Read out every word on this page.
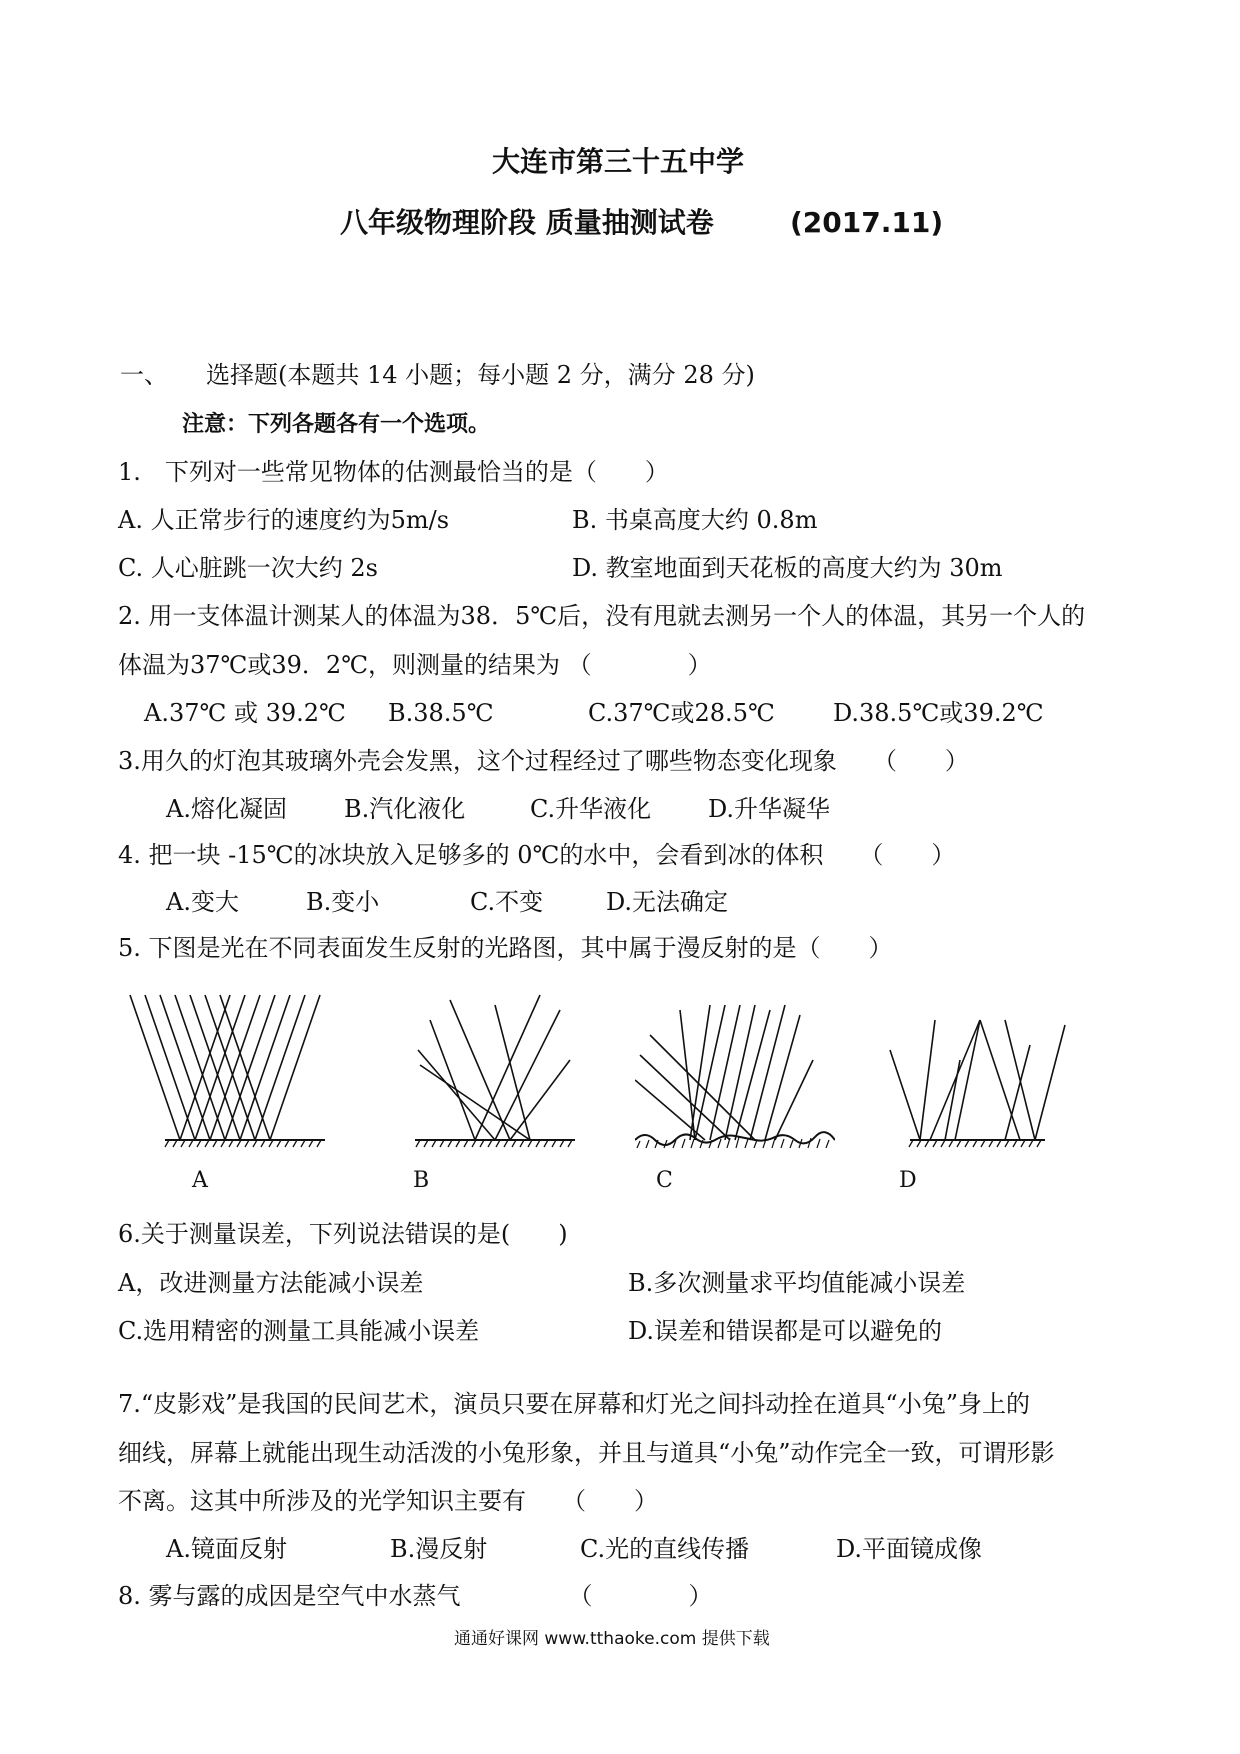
大连市第三十五中学
八年级物理阶段 质量抽测试卷	(2017.11)
一、 选择题(本题共 14 小题；每小题 2 分，满分 28 分)
注意：下列各题各有一个选项。
1.　下列对一些常见物体的估测最恰当的是（　　）
A. 人正常步行的速度约为5m/s	B. 书桌高度大约 0.8m
C. 人心脏跳一次大约 2s	D. 教室地面到天花板的高度大约为 30m
2. 用一支体温计测某人的体温为38．5℃后，没有甩就去测另一个人的体温，其另一个人的
体温为37℃或39．2℃，则测量的结果为 （　　　　）
A.37℃ 或 39.2℃ B.38.5℃	C.37℃或28.5℃ D.38.5℃或39.2℃
3.用久的灯泡其玻璃外壳会发黑，这个过程经过了哪些物态变化现象　　（　　）
A.熔化凝固 B.汽化液化	C.升华液化 D.升华凝华
4. 把一块 -15℃的冰块放入足够多的 0℃的水中，会看到冰的体积　　（　　）
A.变大	B.变小	C.不变	D.无法确定
5. 下图是光在不同表面发生反射的光路图，其中属于漫反射的是（　　）
A	B	C	D
6.关于测量误差，下列说法错误的是(　　)
A，改进测量方法能减小误差	B.多次测量求平均值能减小误差
C.选用精密的测量工具能减小误差	D.误差和错误都是可以避免的
7.“皮影戏”是我国的民间艺术，演员只要在屏幕和灯光之间抖动拴在道具“小兔”身上的
细线，屏幕上就能出现生动活泼的小兔形象，并且与道具“小兔”动作完全一致，可谓形影
不离。这其中所涉及的光学知识主要有　　（　　）
A.镜面反射	B.漫反射	C.光的直线传播	D.平面镜成像
8. 雾与露的成因是空气中水蒸气　　　　　（　　　　）
通通好课网 www.tthaoke.com 提供下载
